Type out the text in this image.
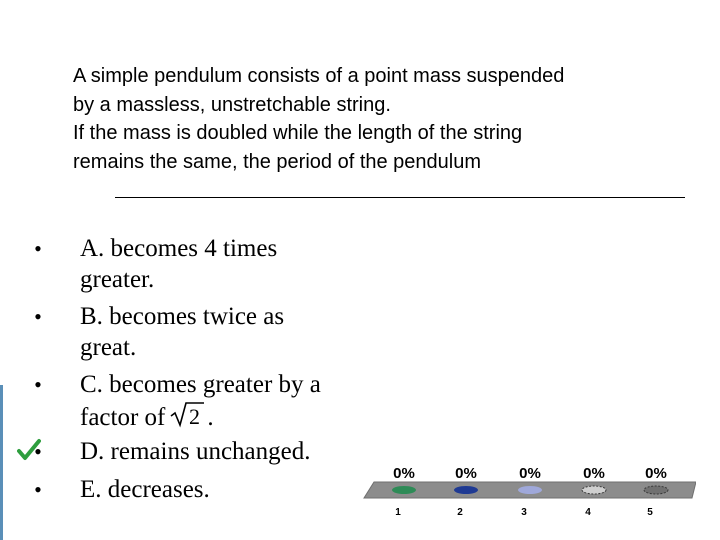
A simple pendulum consists of a point mass suspended
by a massless, unstretchable string.
If the mass is doubled while the length of the string
remains the same, the period of the pendulum
• A. becomes 4 times
greater.
• B. becomes twice as
great.
• C. becomes greater by a
factor of 2 .
• D. remains unchanged.
• E. decreases.
0%
1
0%
2
0%
3
0%
4
0%
5
